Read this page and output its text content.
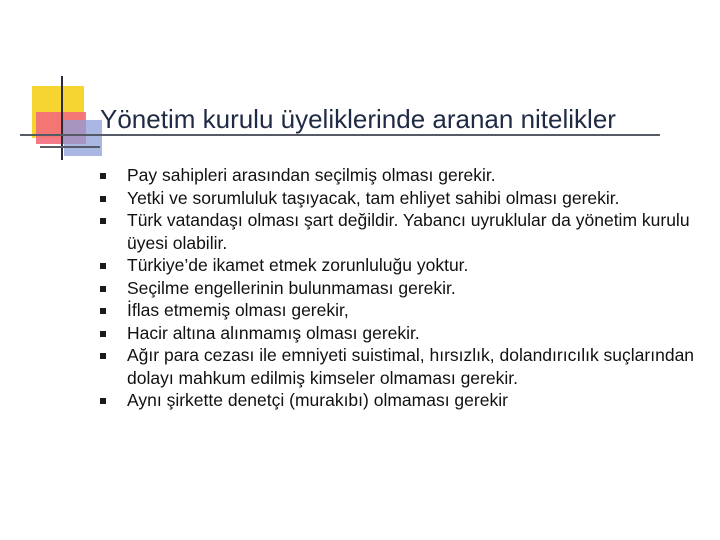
Yönetim kurulu üyeliklerinde aranan nitelikler
Pay sahipleri arasından seçilmiş olması gerekir.
Yetki ve sorumluluk taşıyacak, tam ehliyet sahibi olması gerekir.
Türk vatandaşı olması şart değildir. Yabancı uyruklular da yönetim kurulu üyesi olabilir.
Türkiye’de ikamet etmek zorunluluğu yoktur.
Seçilme engellerinin bulunmaması gerekir.
İflas etmemiş olması gerekir,
Hacir altına alınmamış olması gerekir.
Ağır para cezası ile emniyeti suistimal, hırsızlık, dolandırıcılık suçlarından dolayı mahkum edilmiş kimseler olmaması gerekir.
Aynı şirkette denetçi (murakıbı) olmaması gerekir
